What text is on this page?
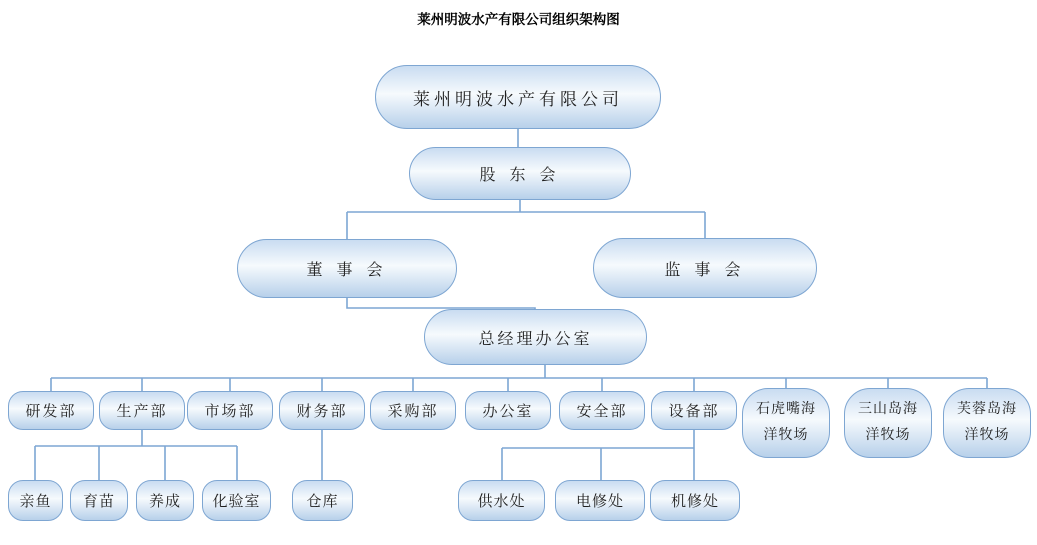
莱州明波水产有限公司组织架构图
莱州明波水产有限公司
股 东 会
董 事 会	监 事 会
总经理办公室
研发部	生产部	市场部	财务部	采购部	办公室	安全部	设备部	石虎嘴海洋牧场
三山岛海洋牧场
芙蓉岛海洋牧场
亲鱼	育苗	养成	化验室	仓库	供水处	电修处	机修处
